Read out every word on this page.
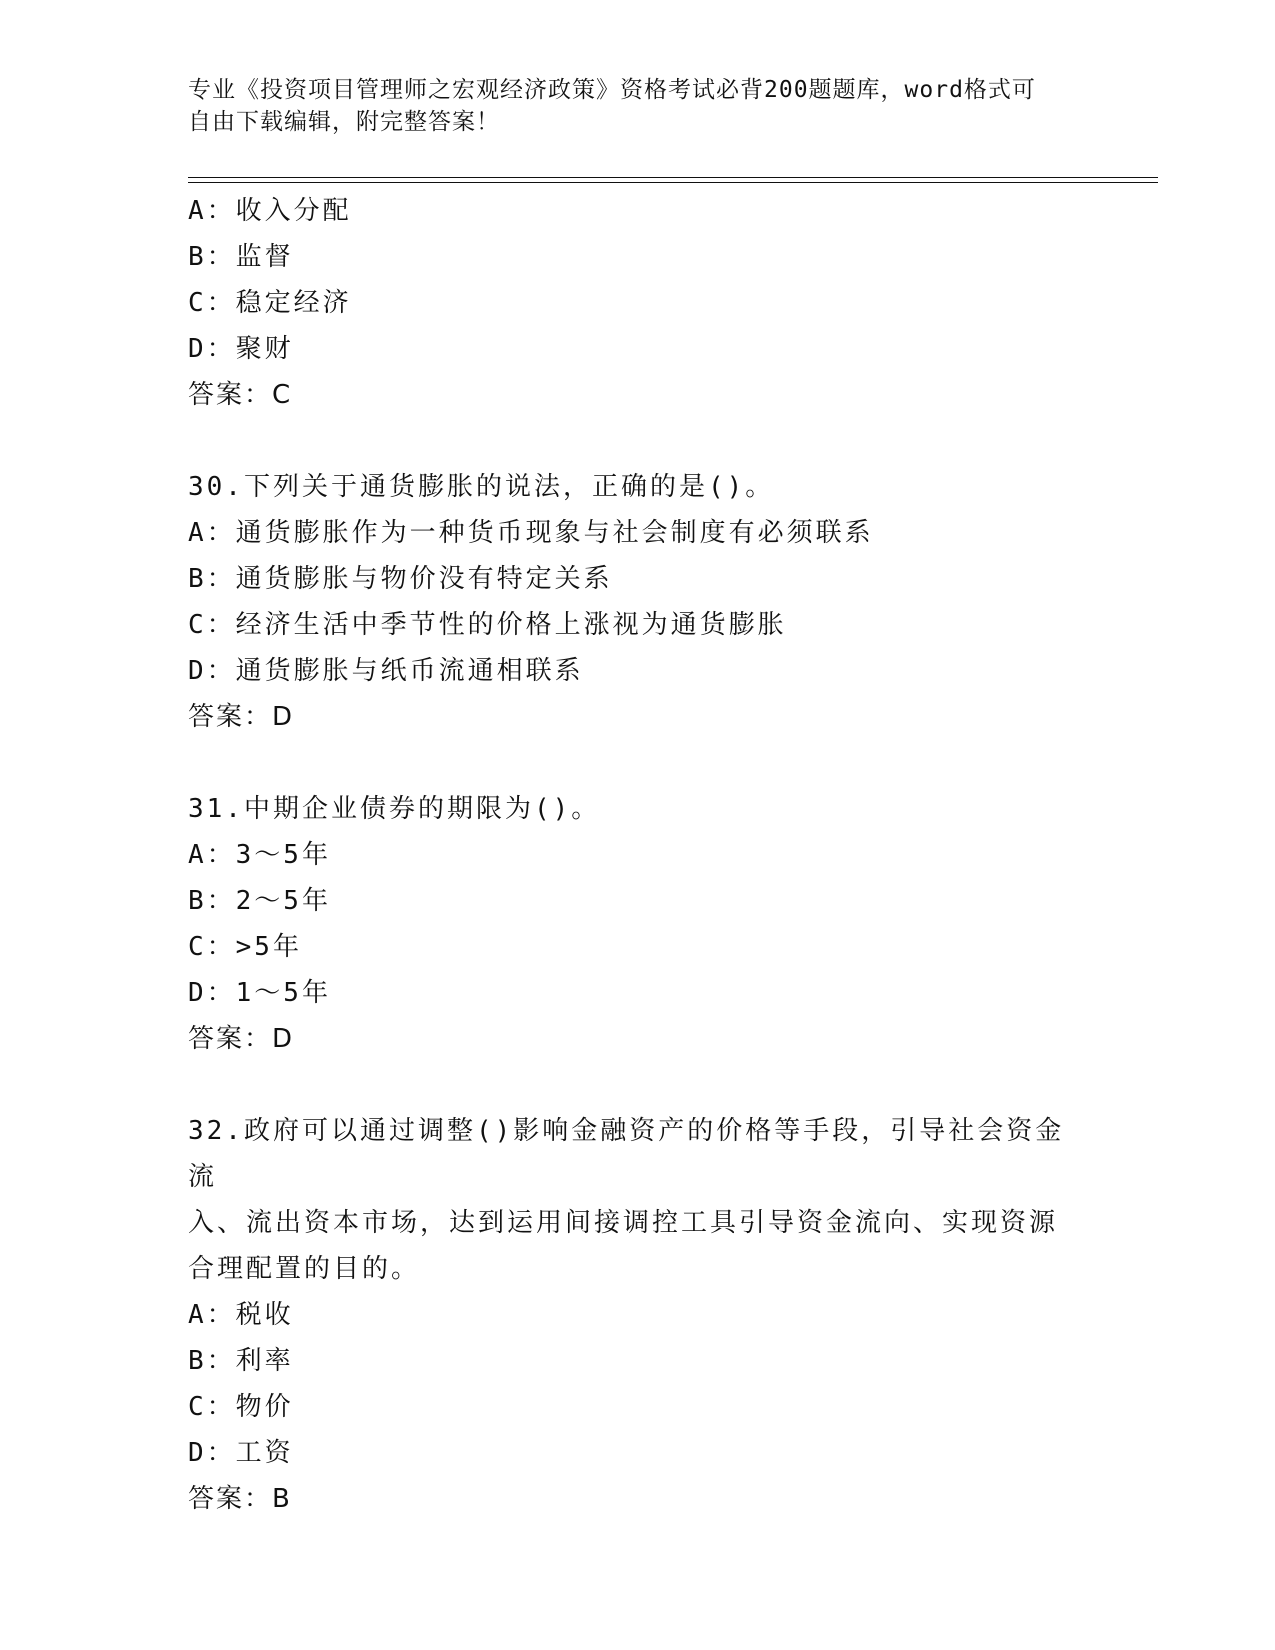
专业《投资项目管理师之宏观经济政策》资格考试必背200题题库，word格式可
自由下载编辑，附完整答案！
A：收入分配
B：监督
C：稳定经济
D：聚财
答案：C
30.下列关于通货膨胀的说法，正确的是()。
A：通货膨胀作为一种货币现象与社会制度有必须联系
B：通货膨胀与物价没有特定关系
C：经济生活中季节性的价格上涨视为通货膨胀
D：通货膨胀与纸币流通相联系
答案：D
31.中期企业债券的期限为()。
A：3～5年
B：2～5年
C：>5年
D：1～5年
答案：D
32.政府可以通过调整()影响金融资产的价格等手段，引导社会资金流
入、流出资本市场，达到运用间接调控工具引导资金流向、实现资源
合理配置的目的。
A：税收
B：利率
C：物价
D：工资
答案：B
